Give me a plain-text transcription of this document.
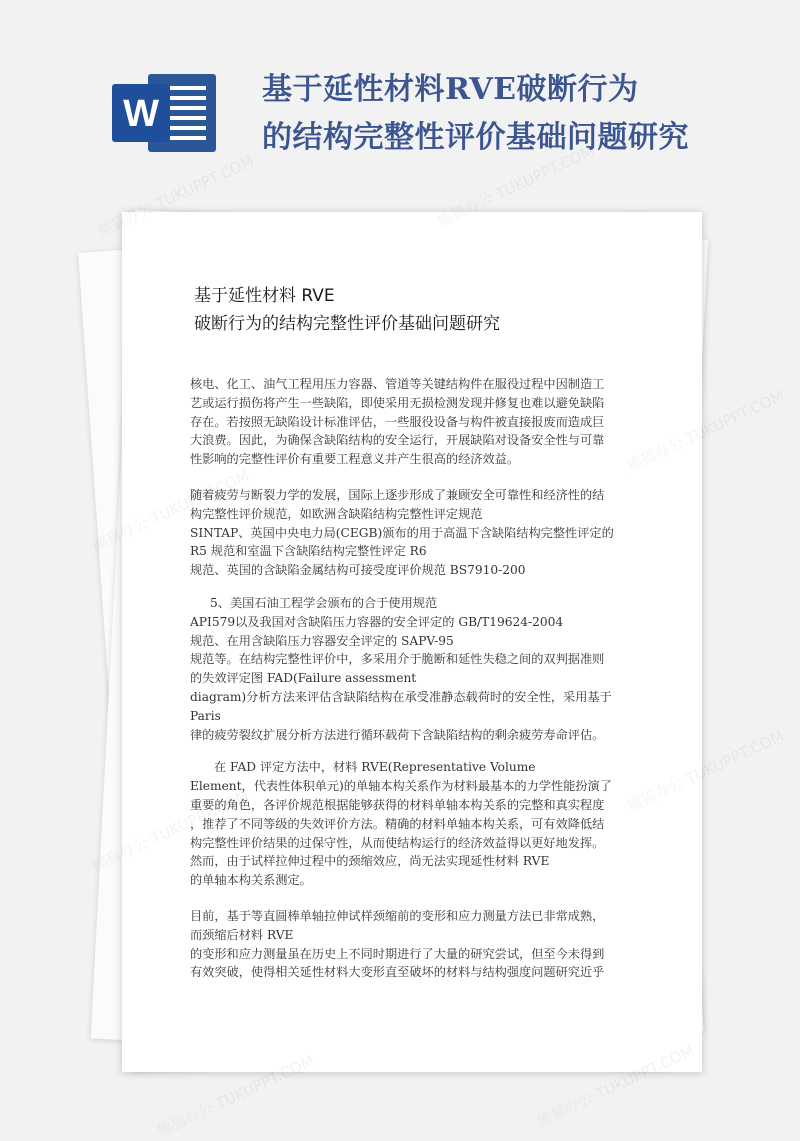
W
基于延性材料RVE破断行为
的结构完整性评价基础问题研究
基于延性材料 RVE
破断行为的结构完整性评价基础问题研究
核电、化工、油气工程用压力容器、管道等关键结构件在服役过程中因制造工
艺或运行损伤将产生一些缺陷，即使采用无损检测发现并修复也难以避免缺陷
存在。若按照无缺陷设计标准评估，一些服役设备与构件被直接报废而造成巨
大浪费。因此，为确保含缺陷结构的安全运行，开展缺陷对设备安全性与可靠
性影响的完整性评价有重要工程意义并产生很高的经济效益。
随着疲劳与断裂力学的发展，国际上逐步形成了兼顾安全可靠性和经济性的结
构完整性评价规范，如欧洲含缺陷结构完整性评定规范
SINTAP、英国中央电力局(CEGB)颁布的用于高温下含缺陷结构完整性评定的
R5 规范和室温下含缺陷结构完整性评定 R6
规范、英国的含缺陷金属结构可接受度评价规范 BS7910-200
5、美国石油工程学会颁布的合于使用规范
API579以及我国对含缺陷压力容器的安全评定的 GB/T19624-2004
规范、在用含缺陷压力容器安全评定的 SAPV-95
规范等。在结构完整性评价中，多采用介于脆断和延性失稳之间的双判据准则
的失效评定图 FAD(Failure assessment
diagram)分析方法来评估含缺陷结构在承受准静态载荷时的安全性，采用基于
Paris
律的疲劳裂纹扩展分析方法进行循环载荷下含缺陷结构的剩余疲劳寿命评估。
在 FAD 评定方法中，材料 RVE(Representative Volume
Element，代表性体积单元)的单轴本构关系作为材料最基本的力学性能扮演了
重要的角色，各评价规范根据能够获得的材料单轴本构关系的完整和真实程度
，推荐了不同等级的失效评价方法。精确的材料单轴本构关系，可有效降低结
构完整性评价结果的过保守性，从而使结构运行的经济效益得以更好地发挥。
然而，由于试样拉伸过程中的颈缩效应，尚无法实现延性材料 RVE
的单轴本构关系测定。
目前，基于等直圆棒单轴拉伸试样颈缩前的变形和应力测量方法已非常成熟，
而颈缩后材料 RVE
的变形和应力测量虽在历史上不同时期进行了大量的研究尝试，但至今未得到
有效突破，使得相关延性材料大变形直至破坏的材料与结构强度问题研究近乎
熊猫办公 TUKUPPT.COM	熊猫办公 TUKUPPT.COM
熊猫办公 TUKUPPT.COM
熊猫办公 TUKUPPT.COM
熊猫办公 TUKUPPT.COM	熊猫办公 TUKUPPT.COM
